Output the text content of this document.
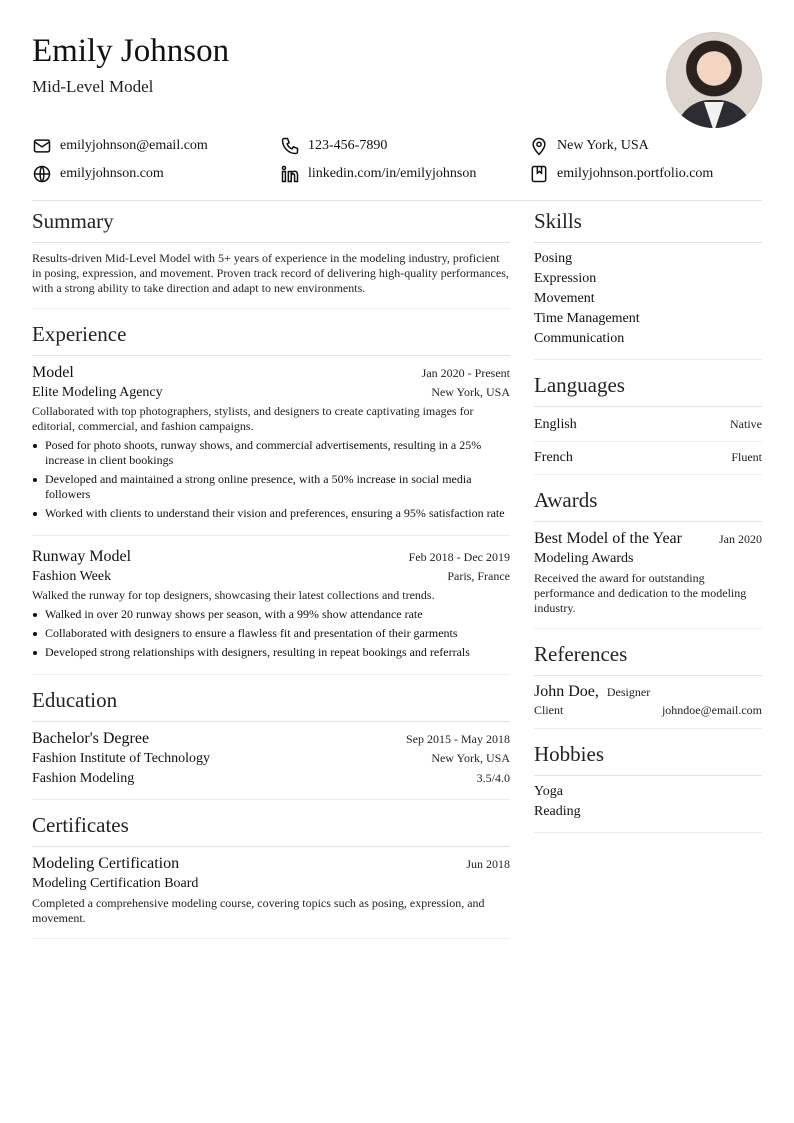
Emily Johnson
Mid-Level Model
emilyjohnson@email.com	123-456-7890	New York, USA
emilyjohnson.com	linkedin.com/in/emilyjohnson	emilyjohnson.portfolio.com
Summary
Results-driven Mid-Level Model with 5+ years of experience in the modeling industry, proficient in posing, expression, and movement. Proven track record of delivering high-quality performances, with a strong ability to take direction and adapt to new environments.
Experience
Model	Jan 2020 - Present
Elite Modeling Agency	New York, USA
Collaborated with top photographers, stylists, and designers to create captivating images for editorial, commercial, and fashion campaigns.
Posed for photo shoots, runway shows, and commercial advertisements, resulting in a 25% increase in client bookings
Developed and maintained a strong online presence, with a 50% increase in social media followers
Worked with clients to understand their vision and preferences, ensuring a 95% satisfaction rate
Runway Model	Feb 2018 - Dec 2019
Fashion Week	Paris, France
Walked the runway for top designers, showcasing their latest collections and trends.
Walked in over 20 runway shows per season, with a 99% show attendance rate
Collaborated with designers to ensure a flawless fit and presentation of their garments
Developed strong relationships with designers, resulting in repeat bookings and referrals
Education
Bachelor's Degree	Sep 2015 - May 2018
Fashion Institute of Technology	New York, USA
Fashion Modeling	3.5/4.0
Certificates
Modeling Certification	Jun 2018
Modeling Certification Board
Completed a comprehensive modeling course, covering topics such as posing, expression, and movement.
Skills
Posing
Expression
Movement
Time Management
Communication
Languages
English	Native
French	Fluent
Awards
Best Model of the Year	Jan 2020
Modeling Awards
Received the award for outstanding performance and dedication to the modeling industry.
References
John Doe, Designer
Client	johndoe@email.com
Hobbies
Yoga
Reading
